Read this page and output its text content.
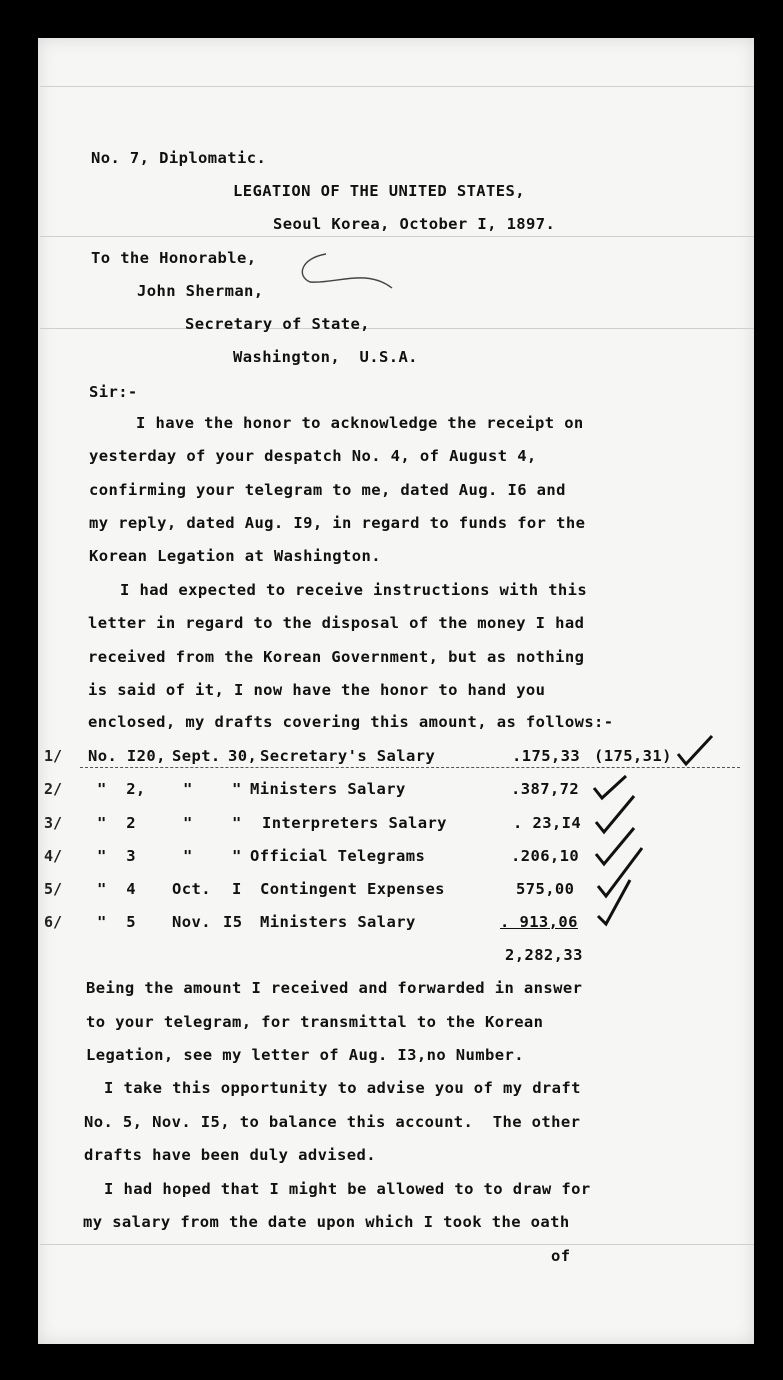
No. 7, Diplomatic.
LEGATION OF THE UNITED STATES,
Seoul Korea, October I, 1897.
To the Honorable,
John Sherman,
Secretary of State,
Washington,  U.S.A.
Sir:-
I have the honor to acknowledge the receipt on
yesterday of your despatch No. 4, of August 4,
confirming your telegram to me, dated Aug. I6 and
my reply, dated Aug. I9, in regard to funds for the
Korean Legation at Washington.
I had expected to receive instructions with this
letter in regard to the disposal of the money I had
received from the Korean Government, but as nothing
is said of it, I now have the honor to hand you
enclosed, my drafts covering this amount, as follows:-
1/ No. I20, Sept. 30, Secretary's Salary	.175,33 (175,31)
2/ "  2, "	" Ministers Salary	.387,72
3/ "  2	"	" Interpreters Salary	. 23,I4
4/ "  3	"	" Official Telegrams	.206,10
5/ "  4 Oct. I Contingent Expenses	575,00
6/ "  5 Nov. I5 Ministers Salary	. 913,06
2,282,33
Being the amount I received and forwarded in answer
to your telegram, for transmittal to the Korean
Legation, see my letter of Aug. I3,no Number.
I take this opportunity to advise you of my draft
No. 5, Nov. I5, to balance this account.  The other
drafts have been duly advised.
I had hoped that I might be allowed to to draw for
my salary from the date upon which I took the oath
of
